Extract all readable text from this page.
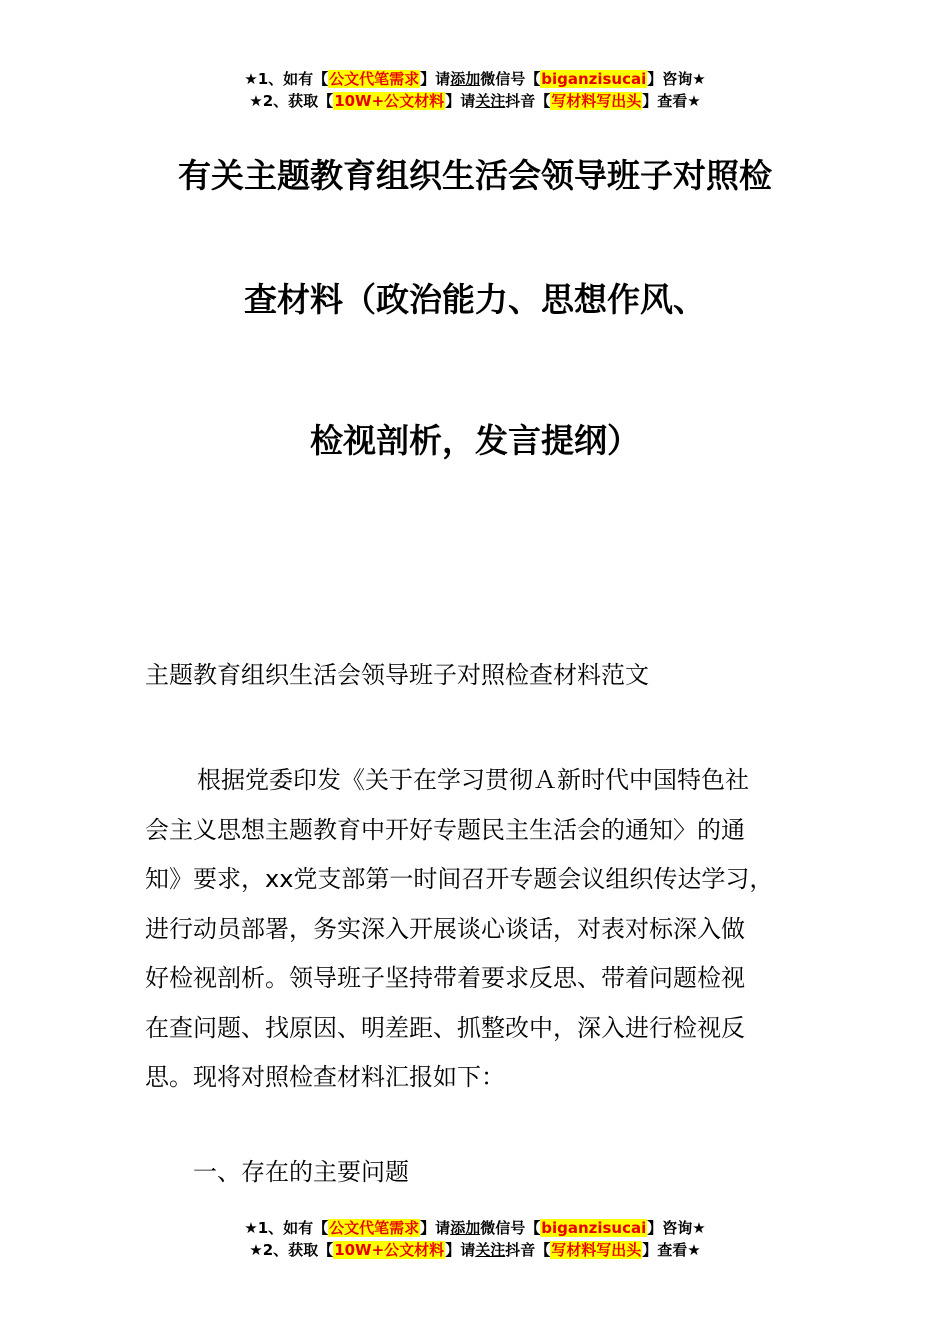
★1、如有【公文代笔需求】请添加微信号【biganzisucai】咨询★
★2、获取【10W+公文材料】请关注抖音【写材料写出头】查看★
有关主题教育组织生活会领导班子对照检
查材料（政治能力、思想作风、
检视剖析，发言提纲）
主题教育组织生活会领导班子对照检查材料范文
根据党委印发《关于在学习贯彻Ａ新时代中国特色社
会主义思想主题教育中开好专题民主生活会的通知〉的通
知》要求，xx党支部第一时间召开专题会议组织传达学习，
进行动员部署，务实深入开展谈心谈话，对表对标深入做
好检视剖析。领导班子坚持带着要求反思、带着问题检视
在查问题、找原因、明差距、抓整改中，深入进行检视反
思。现将对照检查材料汇报如下：
一、存在的主要问题
★1、如有【公文代笔需求】请添加微信号【biganzisucai】咨询★
★2、获取【10W+公文材料】请关注抖音【写材料写出头】查看★
